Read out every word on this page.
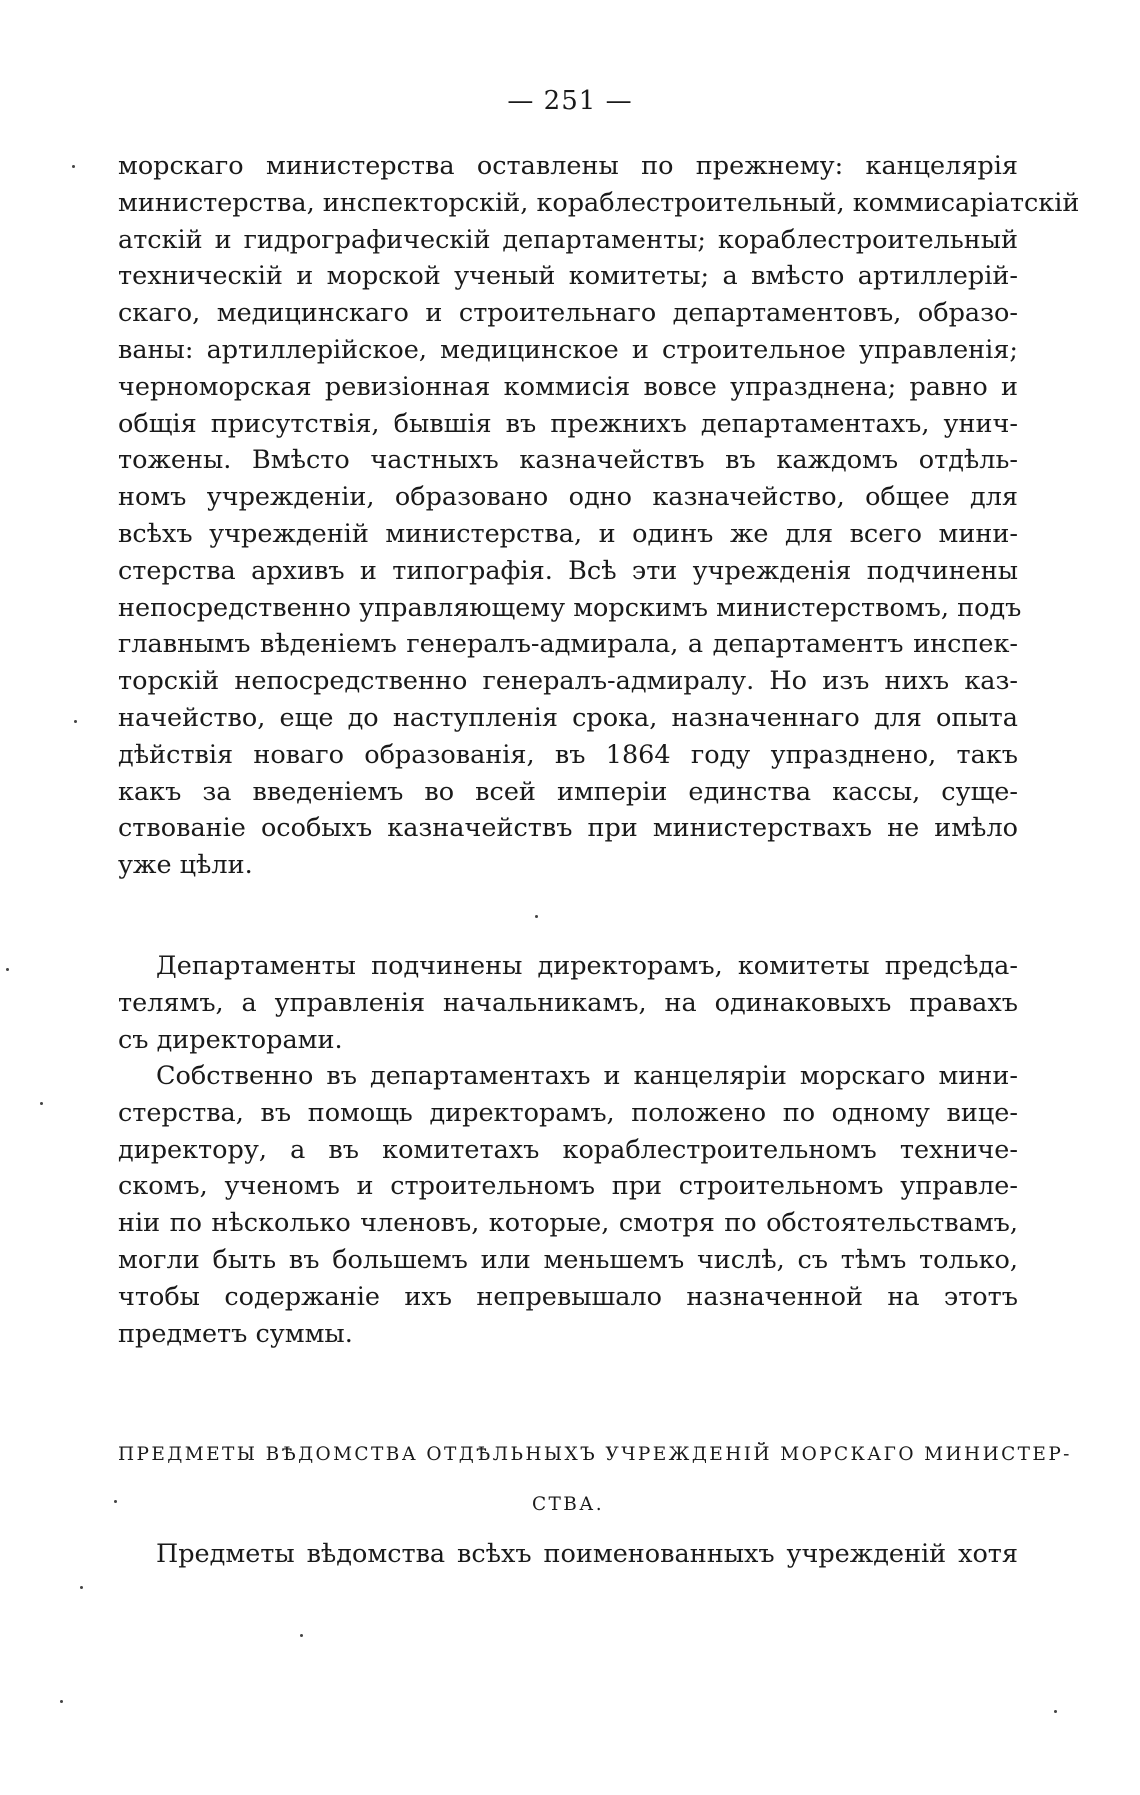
— 251 —
морскаго министерства оставлены по прежнему: канцелярія
министерства, инспекторскій, кораблестроительный, коммисаріатскій
атскій и гидрографическій департаменты; кораблестроительный
техническій и морской ученый комитеты; а вмѣсто артиллерій-
скаго, медицинскаго и строительнаго департаментовъ, образо-
ваны: артиллерійское, медицинское и строительное управленія;
черноморская ревизіонная коммисія вовсе упразднена; равно и
общія присутствія, бывшія въ прежнихъ департаментахъ, унич-
тожены. Вмѣсто частныхъ казначействъ въ каждомъ отдѣль-
номъ учрежденіи, образовано одно казначейство, общее для
всѣхъ учрежденій министерства, и одинъ же для всего мини-
стерства архивъ и типографія. Всѣ эти учрежденія подчинены
непосредственно управляющему морскимъ министерствомъ, подъ
главнымъ вѣденіемъ генералъ-адмирала, а департаментъ инспек-
торскій непосредственно генералъ-адмиралу. Но изъ нихъ каз-
начейство, еще до наступленія срока, назначеннаго для опыта
дѣйствія новаго образованія, въ 1864 году упразднено, такъ
какъ за введеніемъ во всей имперіи единства кассы, суще-
ствованіе особыхъ казначействъ при министерствахъ не имѣло
уже цѣли.
Департаменты подчинены директорамъ, комитеты предсѣда-
телямъ, а управленія начальникамъ, на одинаковыхъ правахъ
съ директорами.
Собственно въ департаментахъ и канцеляріи морскаго мини-
стерства, въ помощь директорамъ, положено по одному вице-
директору, а въ комитетахъ кораблестроительномъ техниче-
скомъ, ученомъ и строительномъ при строительномъ управле-
ніи по нѣсколько членовъ, которые, смотря по обстоятельствамъ,
могли быть въ большемъ или меньшемъ числѣ, съ тѣмъ только,
чтобы содержаніе ихъ непревышало назначенной на этотъ
предметъ суммы.
ПРЕДМЕТЫ ВѢДОМСТВА ОТДѢЛЬНЫХЪ УЧРЕЖДЕНІЙ МОРСКАГО МИНИСТЕР-
СТВА.
Предметы вѣдомства всѣхъ поименованныхъ учрежденій хотя
